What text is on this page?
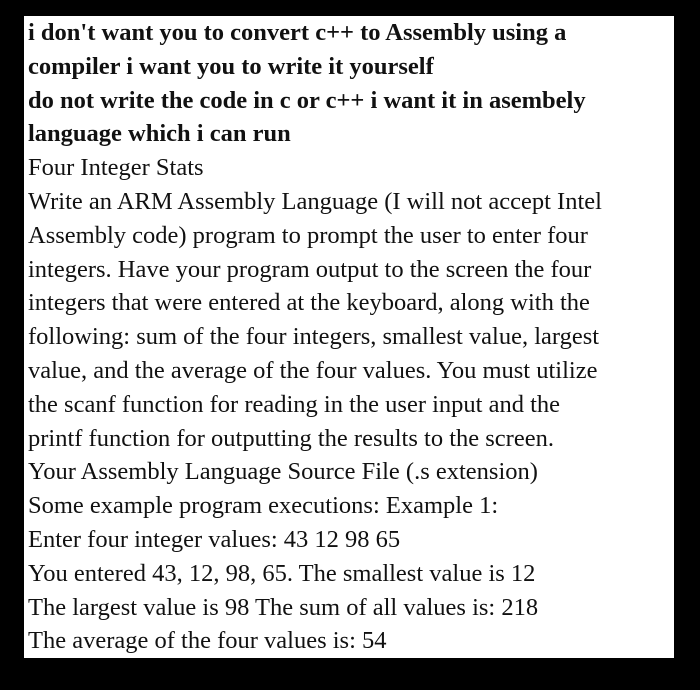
i don't want you to convert c++ to Assembly using a
compiler i want you to write it yourself
do not write the code in c or c++ i want it in asembely
language which i can run
Four Integer Stats
Write an ARM Assembly Language (I will not accept Intel
Assembly code) program to prompt the user to enter four
integers. Have your program output to the screen the four
integers that were entered at the keyboard, along with the
following: sum of the four integers, smallest value, largest
value, and the average of the four values. You must utilize
the scanf function for reading in the user input and the
printf function for outputting the results to the screen.
Your Assembly Language Source File (.s extension)
Some example program executions: Example 1:
Enter four integer values: 43 12 98 65
You entered 43, 12, 98, 65. The smallest value is 12
The largest value is 98 The sum of all values is: 218
The average of the four values is: 54
